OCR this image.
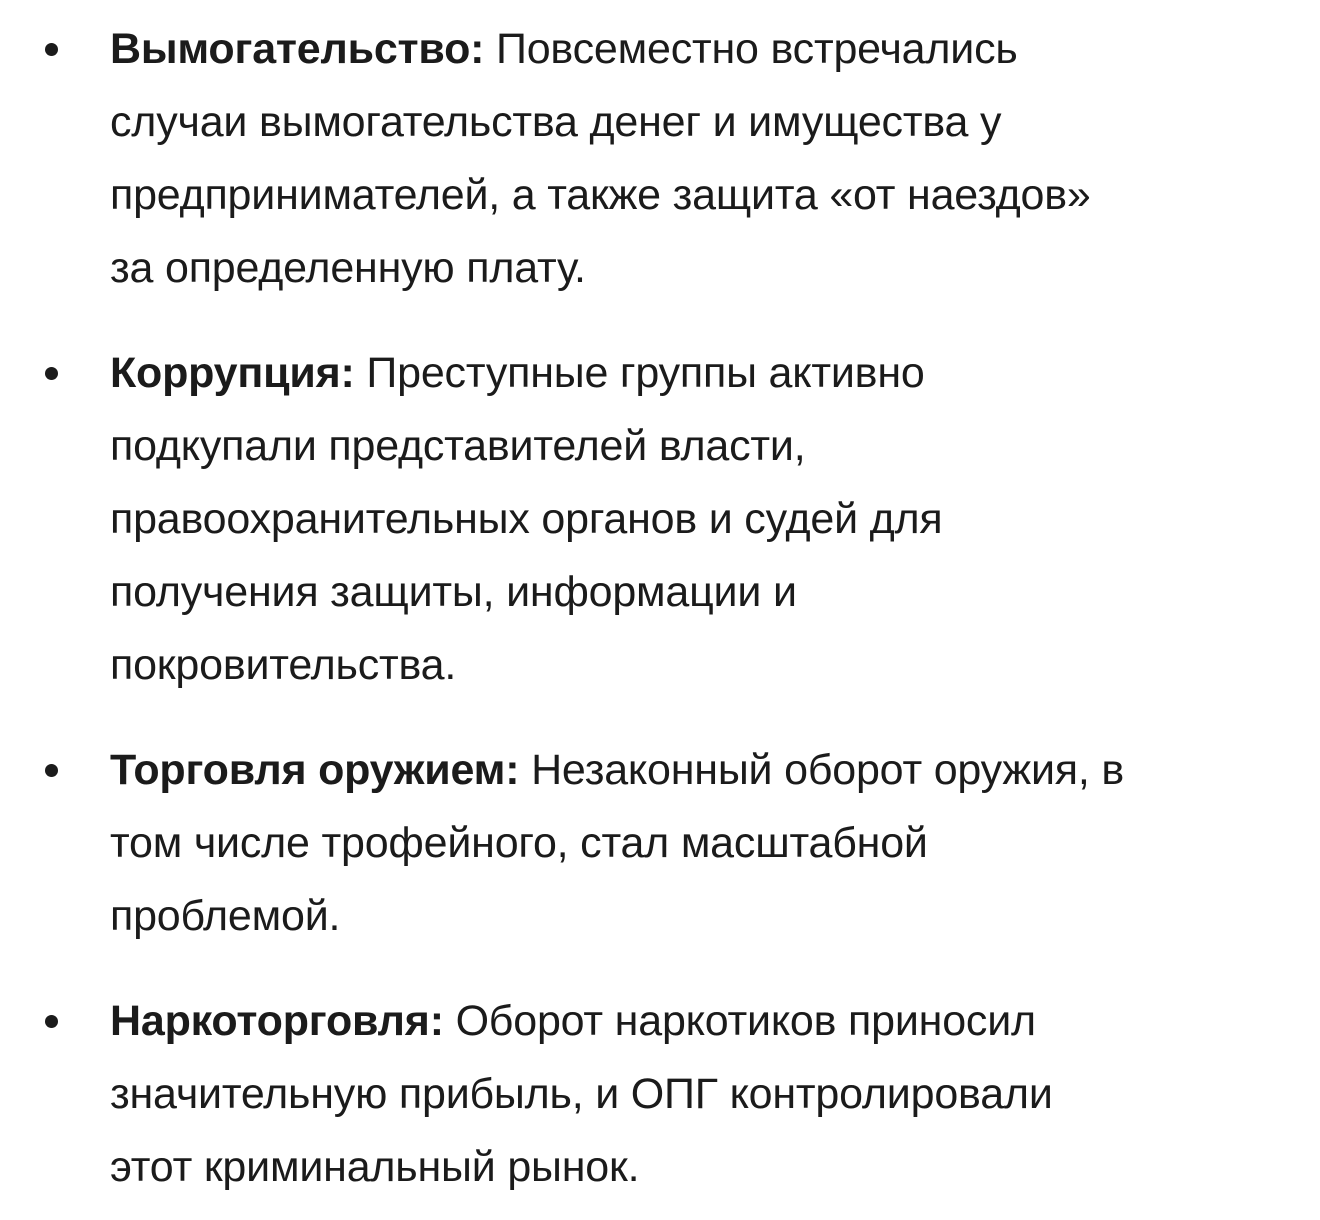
Вымогательство: Повсеместно встречались
случаи вымогательства денег и имущества у
предпринимателей, а также защита «от наездов»
за определенную плату.
Коррупция: Преступные группы активно
подкупали представителей власти,
правоохранительных органов и судей для
получения защиты, информации и
покровительства.
Торговля оружием: Незаконный оборот оружия, в
том числе трофейного, стал масштабной
проблемой.
Наркоторговля: Оборот наркотиков приносил
значительную прибыль, и ОПГ контролировали
этот криминальный рынок.
